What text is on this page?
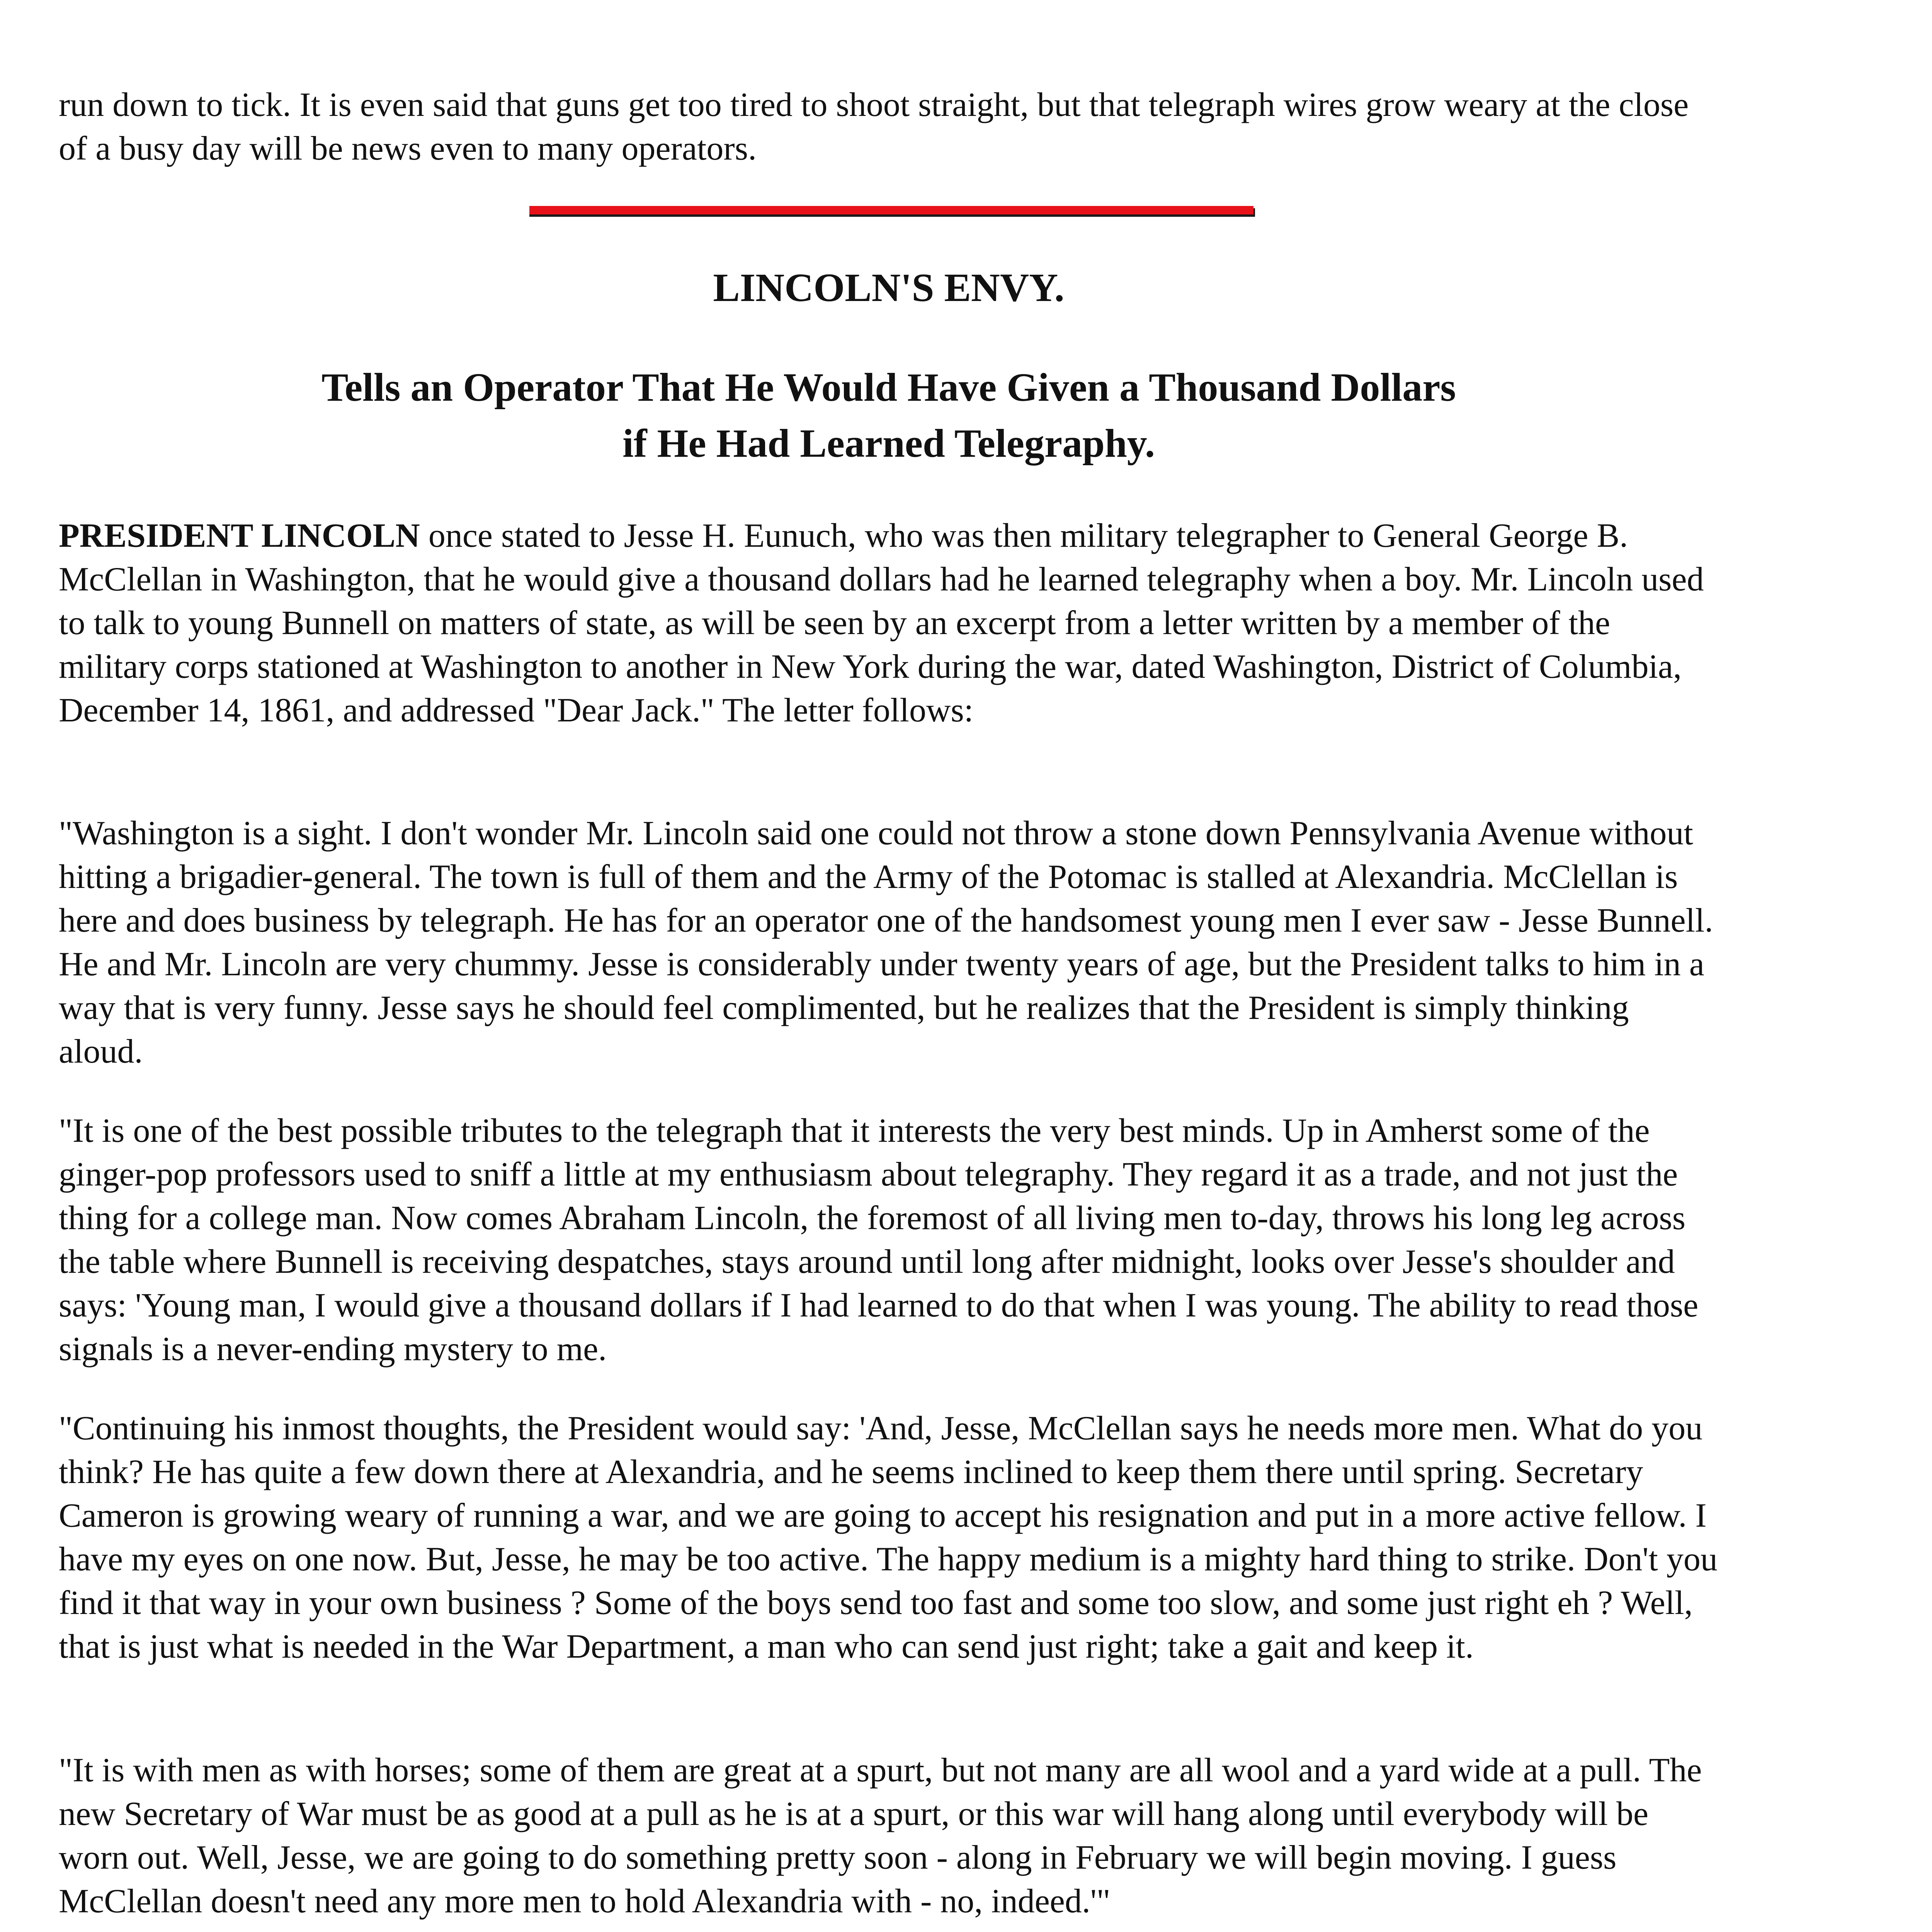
run down to tick. It is even said that guns get too tired to shoot straight, but that telegraph wires grow weary at the close of a busy day will be news even to many operators.

LINCOLN'S ENVY.
Tells an Operator That He Would Have Given a Thousand Dollars
if He Had Learned Telegraphy.

PRESIDENT LINCOLN once stated to Jesse H. Eunuch, who was then military telegrapher to General George B. McClellan in Washington, that he would give a thousand dollars had he learned telegraphy when a boy. Mr. Lincoln used to talk to young Bunnell on matters of state, as will be seen by an excerpt from a letter written by a member of the military corps stationed at Washington to another in New York during the war, dated Washington, District of Columbia, December 14, 1861, and addressed "Dear Jack." The letter follows:

"Washington is a sight. I don't wonder Mr. Lincoln said one could not throw a stone down Pennsylvania Avenue without hitting a brigadier-general. The town is full of them and the Army of the Potomac is stalled at Alexandria. McClellan is here and does business by telegraph. He has for an operator one of the handsomest young men I ever saw - Jesse Bunnell. He and Mr. Lincoln are very chummy. Jesse is considerably under twenty years of age, but the President talks to him in a way that is very funny. Jesse says he should feel complimented, but he realizes that the President is simply thinking aloud.

"It is one of the best possible tributes to the telegraph that it interests the very best minds. Up in Amherst some of the ginger-pop professors used to sniff a little at my enthusiasm about telegraphy. They regard it as a trade, and not just the thing for a college man. Now comes Abraham Lincoln, the foremost of all living men to-day, throws his long leg across the table where Bunnell is receiving despatches, stays around until long after midnight, looks over Jesse's shoulder and says: 'Young man, I would give a thousand dollars if I had learned to do that when I was young. The ability to read those signals is a never-ending mystery to me.

"Continuing his inmost thoughts, the President would say: 'And, Jesse, McClellan says he needs more men. What do you think? He has quite a few down there at Alexandria, and he seems inclined to keep them there until spring. Secretary Cameron is growing weary of running a war, and we are going to accept his resignation and put in a more active fellow. I have my eyes on one now. But, Jesse, he may be too active. The happy medium is a mighty hard thing to strike. Don't you find it that way in your own business ? Some of the boys send too fast and some too slow, and some just right eh ? Well, that is just what is needed in the War Department, a man who can send just right; take a gait and keep it.

"It is with men as with horses; some of them are great at a spurt, but not many are all wool and a yard wide at a pull. The new Secretary of War must be as good at a pull as he is at a spurt, or this war will hang along until everybody will be worn out. Well, Jesse, we are going to do something pretty soon - along in February we will begin moving. I guess McClellan doesn't need any more men to hold Alexandria with - no, indeed.'"
